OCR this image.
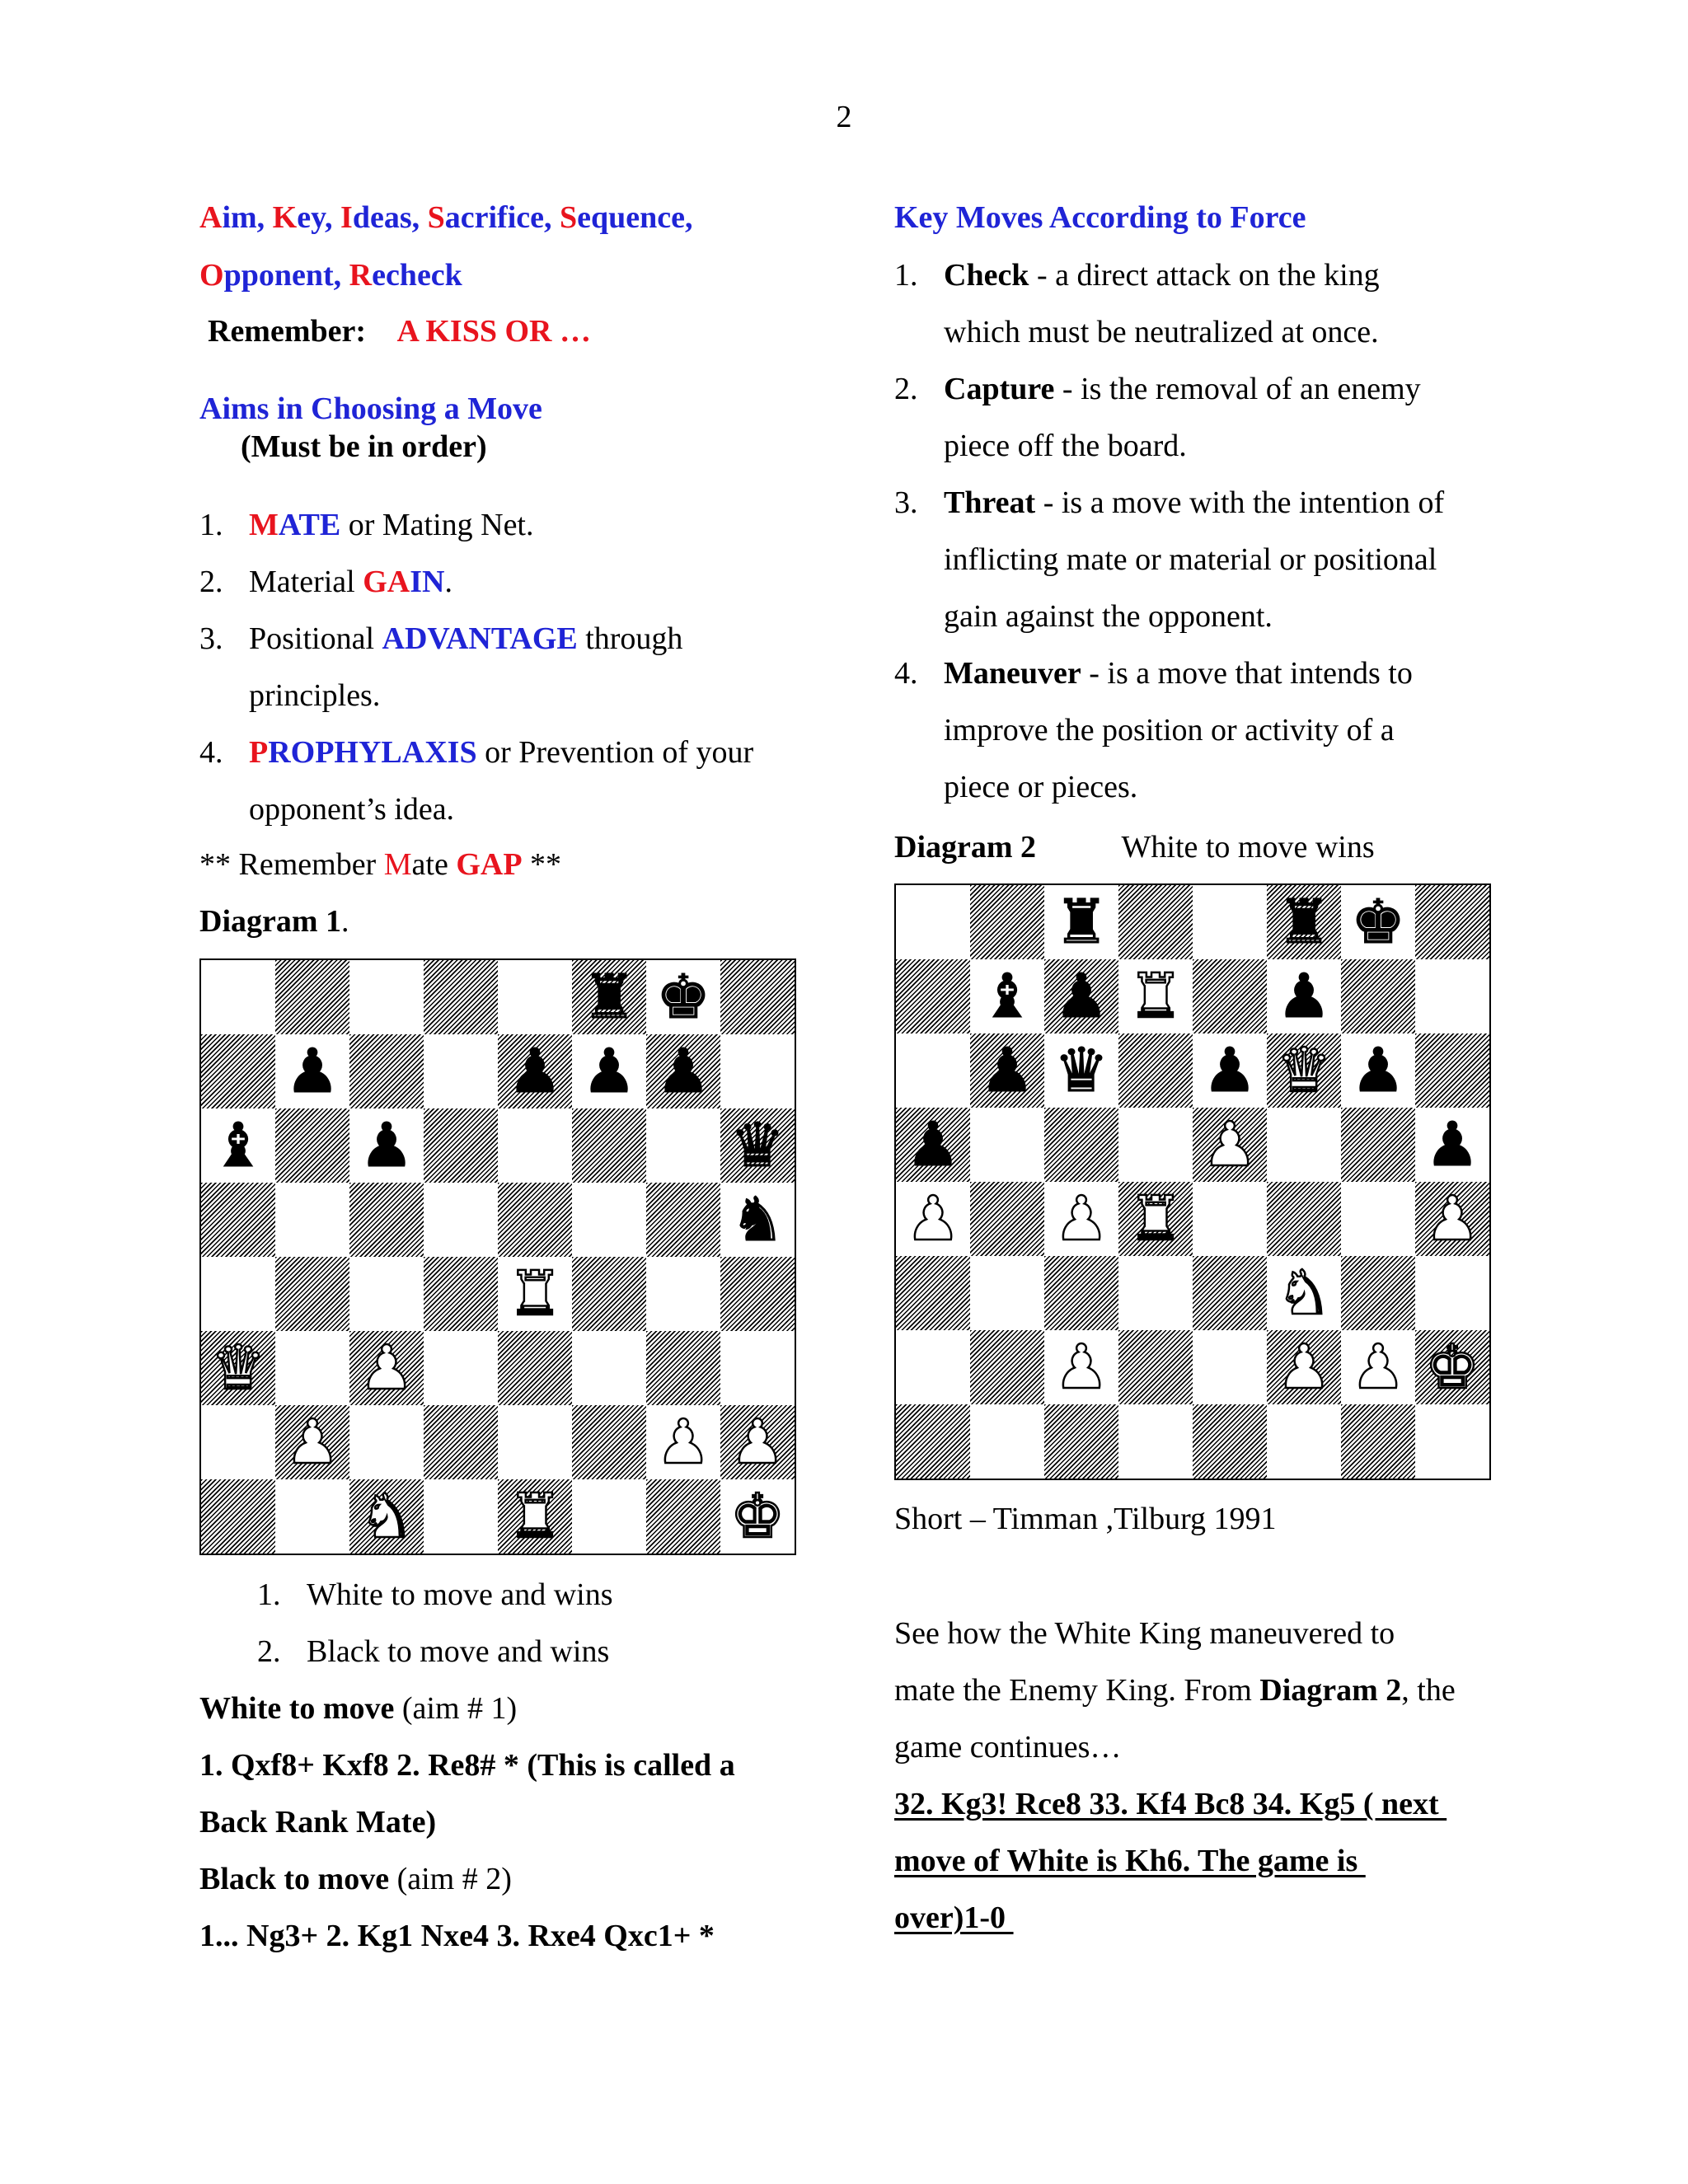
2
Aim, Key, Ideas, Sacrifice, Sequence,
Opponent, Recheck
Remember: A KISS OR …
Aims in Choosing a Move
(Must be in order)
1. MATE or Mating Net.
2. Material GAIN.
3. Positional ADVANTAGE through
principles.
4. PROPHYLAXIS or Prevention of your
opponent’s idea.
** Remember Mate GAP **
Diagram 1.
♜ ♚
♟	♟ ♟ ♟
♝ ♟	♛
♞
♜
♛ ♟
♟	♟ ♟
♞ ♜	♚
1. White to move and wins
2. Black to move and wins
White to move (aim # 1)
1. Qxf8+ Kxf8 2. Re8# * (This is called a
Back Rank Mate)
Black to move (aim # 2)
1... Ng3+ 2. Kg1 Nxe4 3. Rxe4 Qxc1+ *
Key Moves According to Force
1. Check - a direct attack on the king
which must be neutralized at once.
2. Capture - is the removal of an enemy
piece off the board.
3. Threat - is a move with the intention of
inflicting mate or material or positional
gain against the opponent.
4. Maneuver - is a move that intends to
improve the position or activity of a
piece or pieces.
Diagram 2	White to move wins
♜	♜ ♚
♝ ♟ ♜ ♟
♟ ♛ ♟ ♛ ♟
♟	♟	♟
♟ ♟ ♜	♟
♞
♟	♟ ♟ ♚
Short – Timman ,Tilburg 1991
See how the White King maneuvered to
mate the Enemy King. From Diagram 2, the
game continues…
32. Kg3! Rce8 33. Kf4 Bc8 34. Kg5 ( next
move of White is Kh6. The game is
over)1-0
